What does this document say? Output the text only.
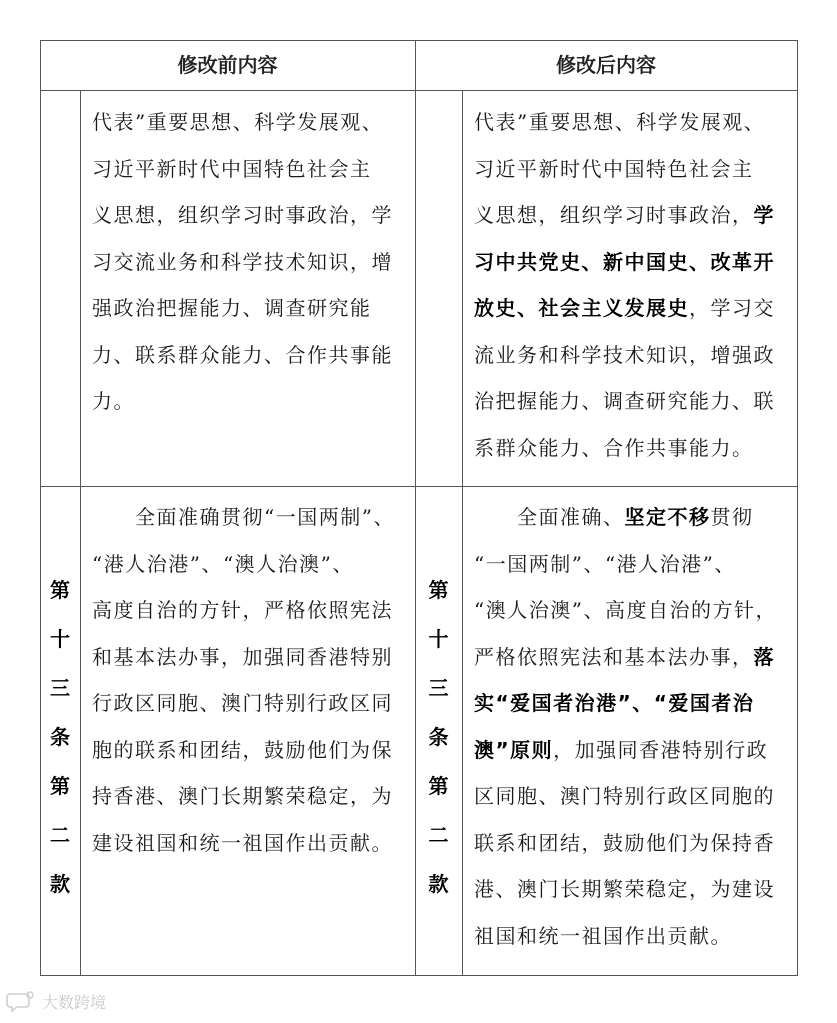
修改前内容	修改后内容
代表”重要思想、科学发展观、
习近平新时代中国特色社会主
义思想，组织学习时事政治，学
习交流业务和科学技术知识，增
强政治把握能力、调查研究能
力、联系群众能力、合作共事能
力。
代表”重要思想、科学发展观、
习近平新时代中国特色社会主
义思想，组织学习时事政治，学
习中共党史、新中国史、改革开
放史、社会主义发展史，学习交
流业务和科学技术知识，增强政
治把握能力、调查研究能力、联
系群众能力、合作共事能力。
第
十
三
条
第
二
款
第
十
三
条
第
二
款
　　全面准确贯彻“一国两制”、
“港人治港”、“澳人治澳”、
高度自治的方针，严格依照宪法
和基本法办事，加强同香港特别
行政区同胞、澳门特别行政区同
胞的联系和团结，鼓励他们为保
持香港、澳门长期繁荣稳定，为
建设祖国和统一祖国作出贡献。
　　全面准确、坚定不移贯彻
“一国两制”、“港人治港”、
“澳人治澳”、高度自治的方针，
严格依照宪法和基本法办事，落
实“爱国者治港”、“爱国者治
澳”原则，加强同香港特别行政
区同胞、澳门特别行政区同胞的
联系和团结，鼓励他们为保持香
港、澳门长期繁荣稳定，为建设
祖国和统一祖国作出贡献。
大数跨境
